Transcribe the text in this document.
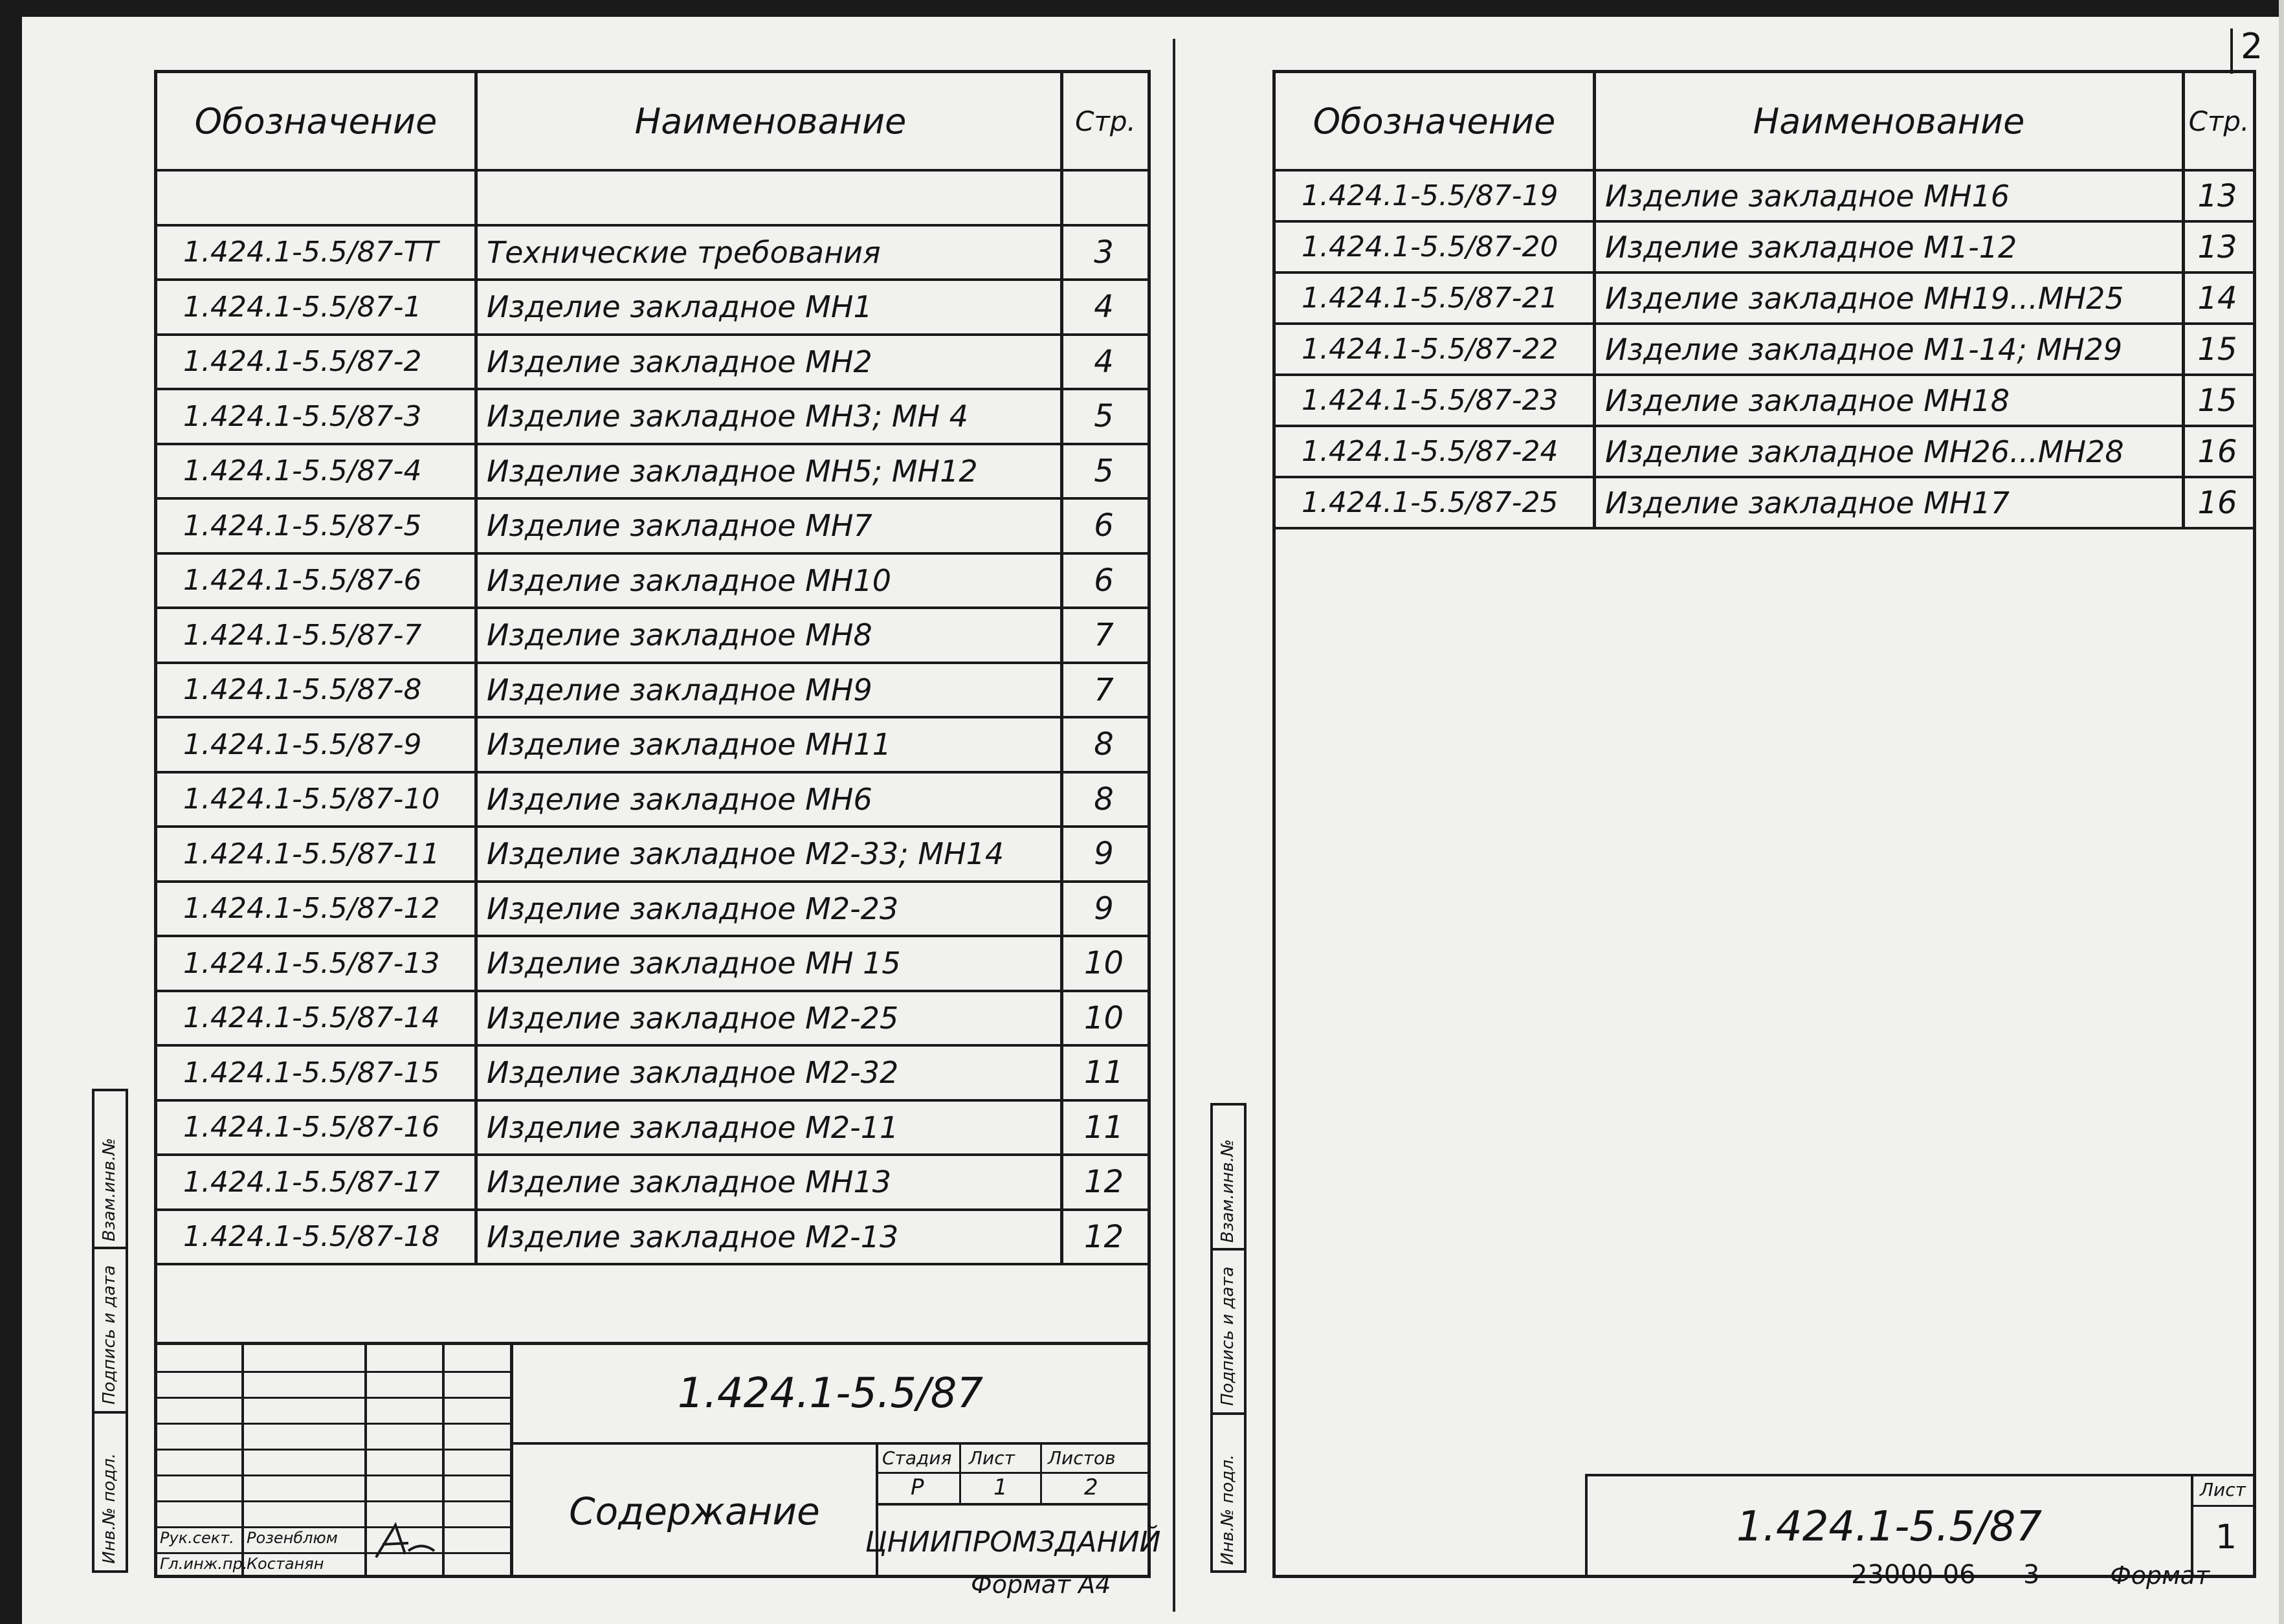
2
Обозначение	Наименование	Стр.
1.424.1-5.5/87-ТТ	Технические требования	3
1.424.1-5.5/87-1	Изделие закладное МН1	4
1.424.1-5.5/87-2	Изделие закладное МН2	4
1.424.1-5.5/87-3	Изделие закладное МН3; МН 4	5
1.424.1-5.5/87-4	Изделие закладное МН5; МН12	5
1.424.1-5.5/87-5	Изделие закладное МН7	6
1.424.1-5.5/87-6	Изделие закладное МН10	6
1.424.1-5.5/87-7	Изделие закладное МН8	7
1.424.1-5.5/87-8	Изделие закладное МН9	7
1.424.1-5.5/87-9	Изделие закладное МН11	8
1.424.1-5.5/87-10	Изделие закладное МН6	8
1.424.1-5.5/87-11	Изделие закладное М2-33; МН14	9
1.424.1-5.5/87-12	Изделие закладное М2-23	9
1.424.1-5.5/87-13	Изделие закладное МН 15	10
1.424.1-5.5/87-14	Изделие закладное М2-25	10
1.424.1-5.5/87-15	Изделие закладное М2-32	11
1.424.1-5.5/87-16	Изделие закладное М2-11	11
1.424.1-5.5/87-17	Изделие закладное МН13	12
1.424.1-5.5/87-18	Изделие закладное М2-13	12
Рук.сект. Розенблюм
Гл.инж.пр.
Костанян
1.424.1-5.5/87
Содержание
Стадия Лист Листов
Р	1	2
ЦНИИПРОМЗДАНИЙ
Формат А4
Взам.инв.№
Подпись и дата
Инв.№ подл.
Обозначение	Наименование	Стр.
1.424.1-5.5/87-19	Изделие закладное МН16	13
1.424.1-5.5/87-20	Изделие закладное М1-12	13
1.424.1-5.5/87-21	Изделие закладное МН19...МН25	14
1.424.1-5.5/87-22	Изделие закладное М1-14; МН29	15
1.424.1-5.5/87-23	Изделие закладное МН18	15
1.424.1-5.5/87-24	Изделие закладное МН26...МН28	16
1.424.1-5.5/87-25	Изделие закладное МН17	16
1.424.1-5.5/87
Лист
1
23000-06 3	Формат
Взам.инв.№
Подпись и дата
Инв.№ подл.
